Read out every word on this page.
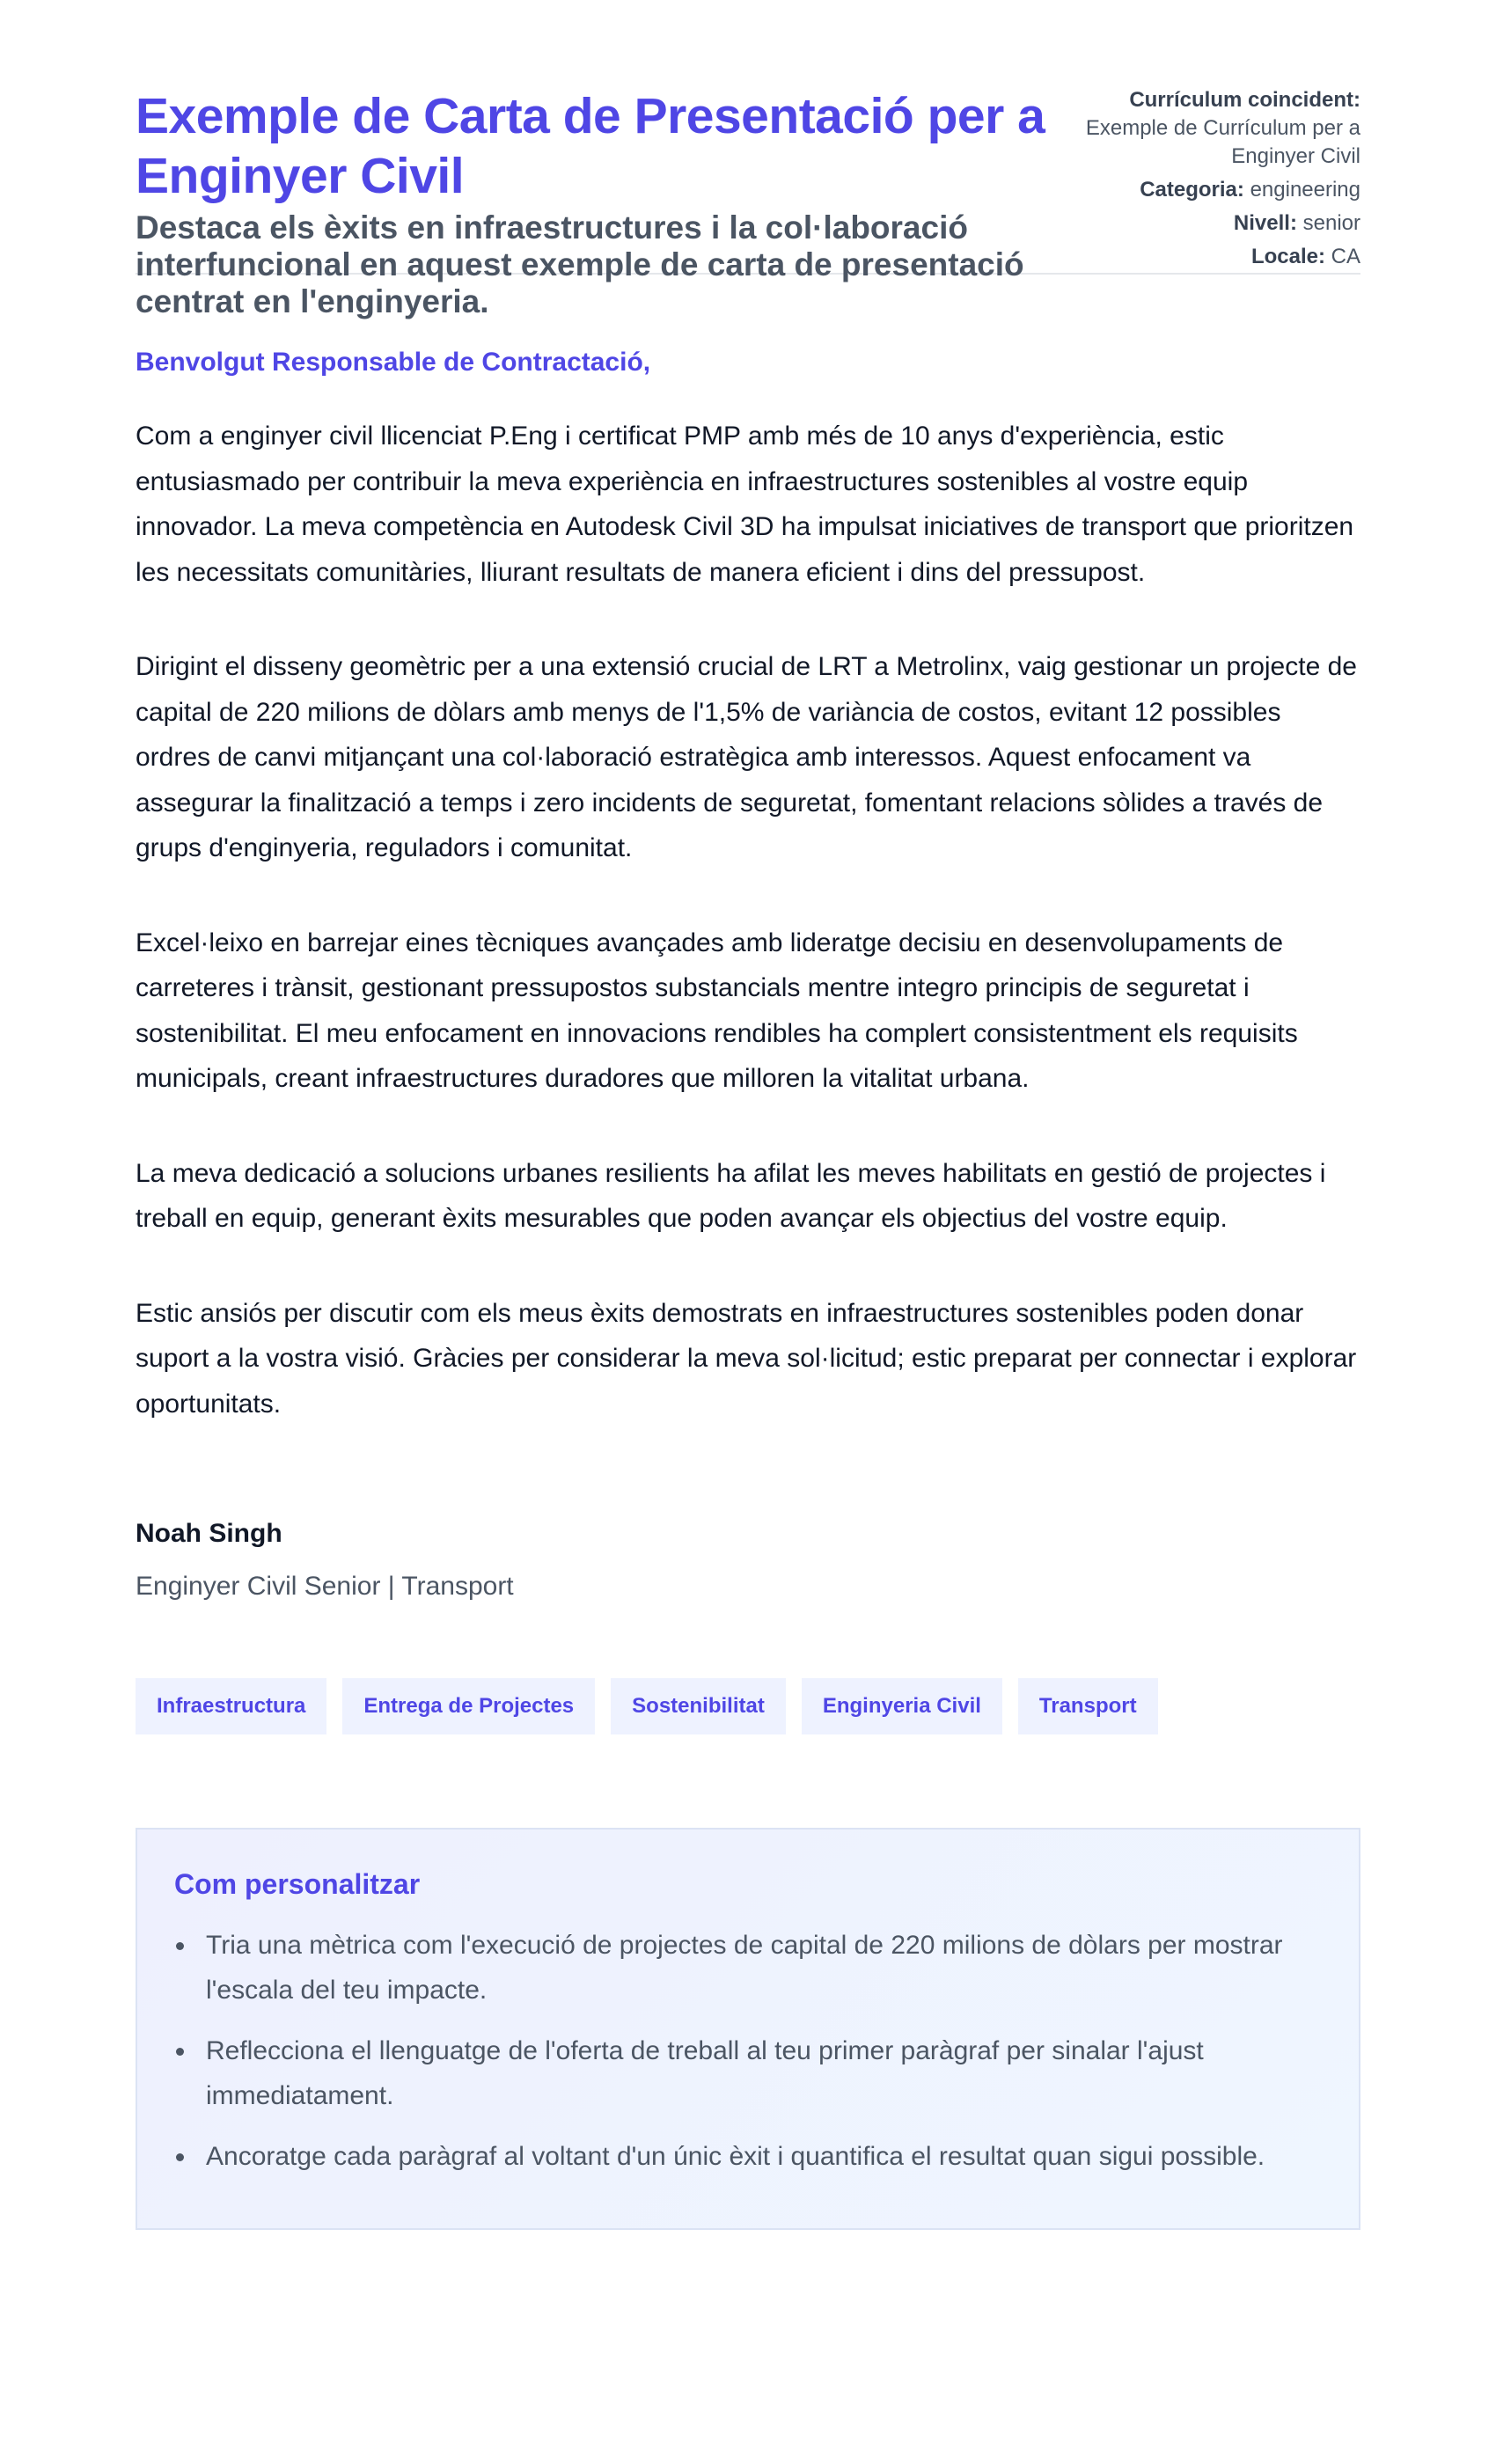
Exemple de Carta de Presentació per a Enginyer Civil
Destaca els èxits en infraestructures i la col·laboració interfuncional en aquest exemple de carta de presentació centrat en l'enginyeria.
Currículum coincident:
Exemple de Currículum per a Enginyer Civil
Categoria: engineering
Nivell: senior
Locale: CA

Benvolgut Responsable de Contractació,

Com a enginyer civil llicenciat P.Eng i certificat PMP amb més de 10 anys d'experiència, estic entusiasmado per contribuir la meva experiència en infraestructures sostenibles al vostre equip innovador. La meva competència en Autodesk Civil 3D ha impulsat iniciatives de transport que prioritzen les necessitats comunitàries, lliurant resultats de manera eficient i dins del pressupost.

Dirigint el disseny geomètric per a una extensió crucial de LRT a Metrolinx, vaig gestionar un projecte de capital de 220 milions de dòlars amb menys de l'1,5% de variància de costos, evitant 12 possibles ordres de canvi mitjançant una col·laboració estratègica amb interessos. Aquest enfocament va assegurar la finalització a temps i zero incidents de seguretat, fomentant relacions sòlides a través de grups d'enginyeria, reguladors i comunitat.

Excel·leixo en barrejar eines tècniques avançades amb lideratge decisiu en desenvolupaments de carreteres i trànsit, gestionant pressupostos substancials mentre integro principis de seguretat i sostenibilitat. El meu enfocament en innovacions rendibles ha complert consistentment els requisits municipals, creant infraestructures duradores que milloren la vitalitat urbana.

La meva dedicació a solucions urbanes resilients ha afilat les meves habilitats en gestió de projectes i treball en equip, generant èxits mesurables que poden avançar els objectius del vostre equip.

Estic ansiós per discutir com els meus èxits demostrats en infraestructures sostenibles poden donar suport a la vostra visió. Gràcies per considerar la meva sol·licitud; estic preparat per connectar i explorar oportunitats.

Noah Singh
Enginyer Civil Senior | Transport
Infraestructura	Entrega de Projectes	Sostenibilitat	Enginyeria Civil	Transport
Com personalitzar
Tria una mètrica com l'execució de projectes de capital de 220 milions de dòlars per mostrar l'escala del teu impacte.
Reflecciona el llenguatge de l'oferta de treball al teu primer paràgraf per sinalar l'ajust immediatament.
Ancoratge cada paràgraf al voltant d'un únic èxit i quantifica el resultat quan sigui possible.
